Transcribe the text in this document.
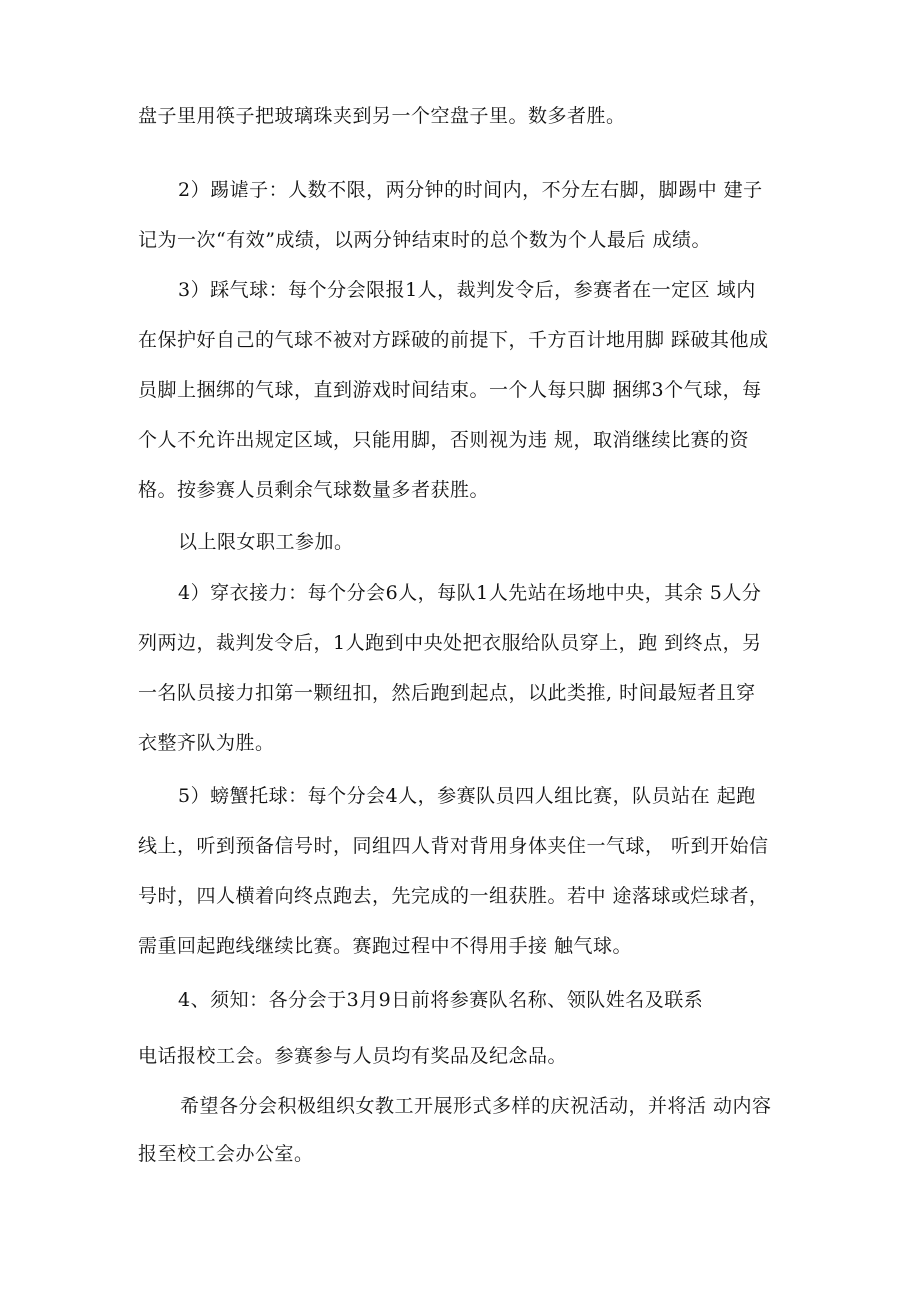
盘子里用筷子把玻璃珠夹到另一个空盘子里。数多者胜。
2）踢谑子：人数不限，两分钟的时间内，不分左右脚，脚踢中 建子
记为一次“有效”成绩，以两分钟结束时的总个数为个人最后 成绩。
3）踩气球：每个分会限报1人，裁判发令后，参赛者在一定区 域内
在保护好自己的气球不被对方踩破的前提下，千方百计地用脚 踩破其他成
员脚上捆绑的气球，直到游戏时间结束。一个人每只脚 捆绑3个气球，每
个人不允许出规定区域，只能用脚，否则视为违 规，取消继续比赛的资
格。按参赛人员剩余气球数量多者获胜。
以上限女职工参加。
4）穿衣接力：每个分会6人，每队1人先站在场地中央，其余 5人分
列两边，裁判发令后，1人跑到中央处把衣服给队员穿上，跑 到终点，另
一名队员接力扣第一颗纽扣，然后跑到起点，以此类推, 时间最短者且穿
衣整齐队为胜。
5）螃蟹托球：每个分会4人，参赛队员四人组比赛，队员站在 起跑
线上，听到预备信号时，同组四人背对背用身体夹住一气球， 听到开始信
号时，四人横着向终点跑去，先完成的一组获胜。若中 途落球或烂球者，
需重回起跑线继续比赛。赛跑过程中不得用手接 触气球。
4、须知：各分会于3月9日前将参赛队名称、领队姓名及联系
电话报校工会。参赛参与人员均有奖品及纪念品。
希望各分会积极组织女教工开展形式多样的庆祝活动，并将活 动内容
报至校工会办公室。
